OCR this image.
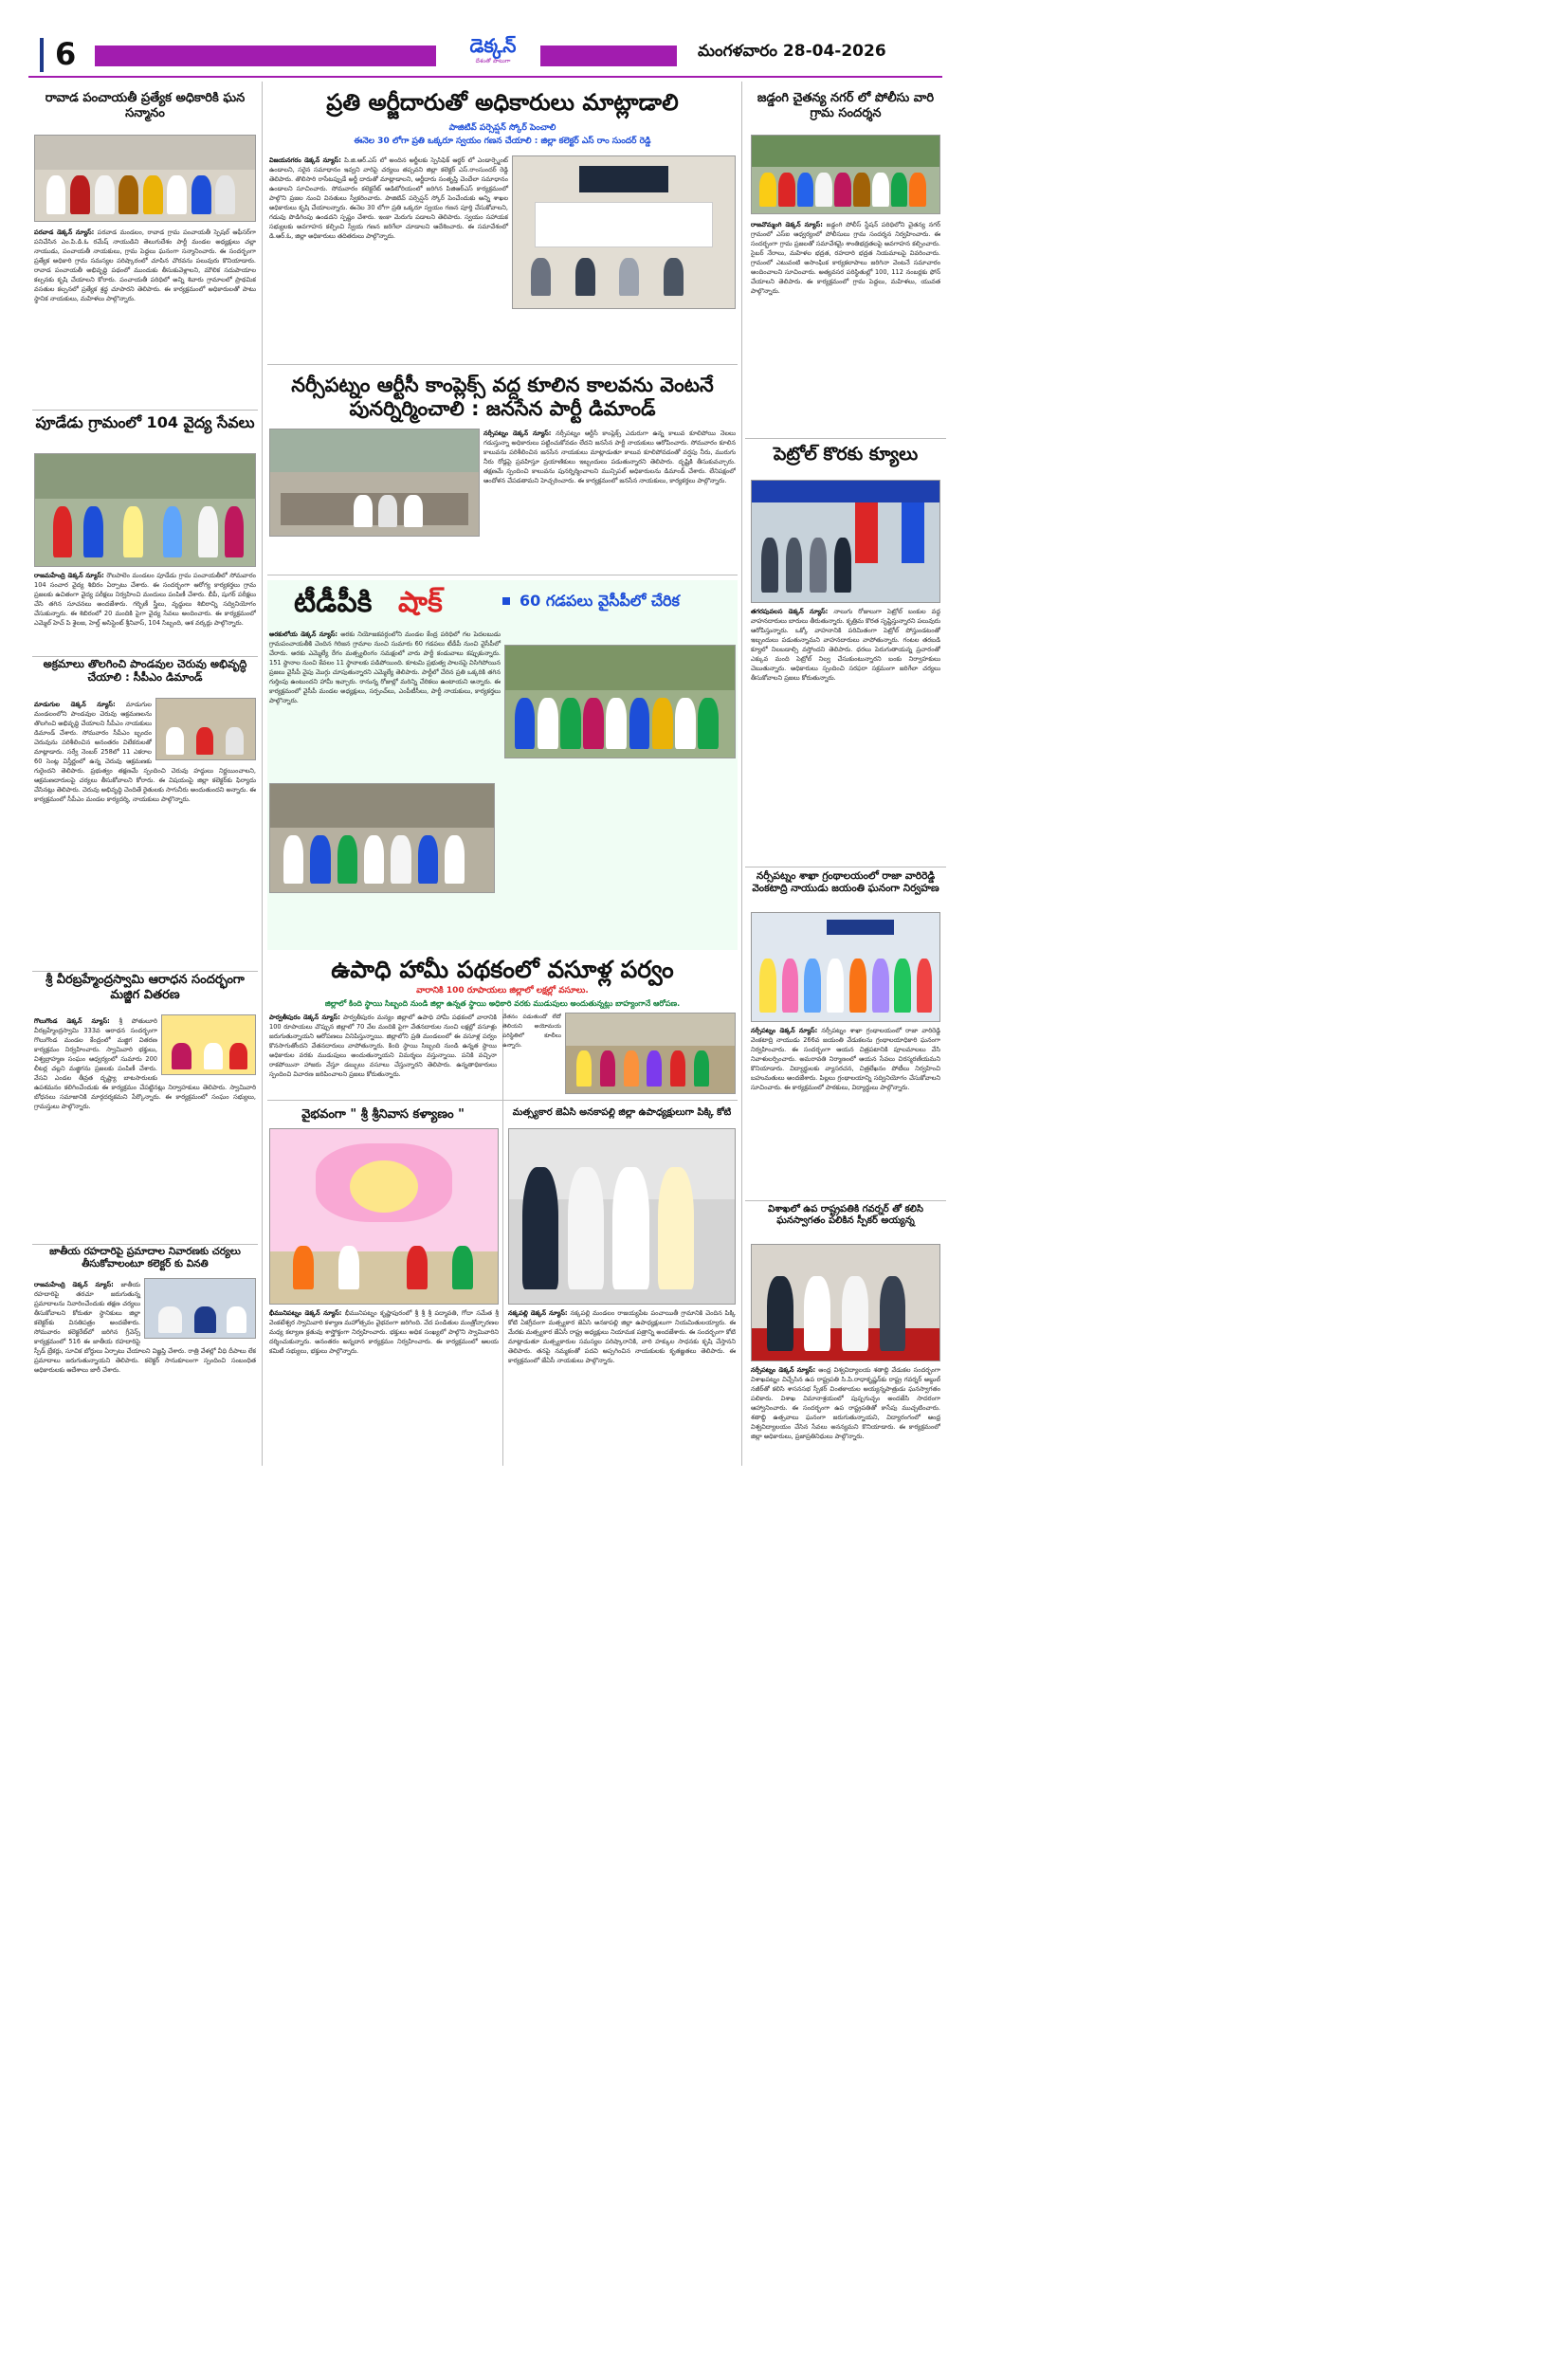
6	డెక్కన్
దేశంతో పాటుగా
మంగళవారం 28-04-2026
రావాడ పంచాయతీ ప్రత్యేక అధికారికి ఘన సన్మానం
పరవాడ డెక్కన్ న్యూస్: పరవాడ మండలం, రావాడ గ్రామ పంచాయతీ స్పెషల్ ఆఫీసర్‌గా పనిచేసిన ఎం.పి.డి.ఓ రమేష్ నాయుడిని తెలుగుదేశం పార్టీ మండల అధ్యక్షులు చల్లా నాయుడు, పంచాయతీ నాయకులు, గ్రామ పెద్దలు ఘనంగా సన్మానించారు. ఈ సందర్భంగా ప్రత్యేక అధికారి గ్రామ సమస్యల పరిష్కారంలో చూపిన చొరవను పలువురు కొనియాడారు. రావాడ పంచాయతీ అభివృద్ధి పథంలో ముందుకు తీసుకువెళ్లాలని, మౌలిక సదుపాయాల కల్పనకు కృషి చేయాలని కోరారు. పంచాయతీ పరిధిలో అన్ని శివారు గ్రామాలలో ప్రాథమిక వసతుల కల్పనలో ప్రత్యేక శ్రద్ధ చూపారని తెలిపారు. ఈ కార్యక్రమంలో అధికారులతో పాటు స్థానిక నాయకులు, మహిళలు పాల్గొన్నారు.
పూడేడు గ్రామంలో 104 వైద్య సేవలు
రాజమహేంద్రి డెక్కన్ న్యూస్: రౌలపాలెం మండలం పూడేడు గ్రామ పంచాయతీలో సోమవారం 104 సంచార వైద్య శిబిరం ఏర్పాటు చేశారు. ఈ సందర్భంగా ఆరోగ్య కార్యకర్తలు గ్రామ ప్రజలకు ఉచితంగా వైద్య పరీక్షలు నిర్వహించి మందులు పంపిణీ చేశారు. బీపీ, షుగర్ పరీక్షలు చేసి తగిన సూచనలు అందజేశారు. గర్భిణీ స్త్రీలు, వృద్ధులు శిబిరాన్ని సద్వినియోగం చేసుకున్నారు. ఈ శిబిరంలో 20 మందికి పైగా వైద్య సేవలు అందించారు. ఈ కార్యక్రమంలో ఎమ్మెల్ హెచ్ పి శైలజ, హెల్త్ అసిస్టెంట్ శ్రీనివాస్, 104 సిబ్బంది, ఆశ వర్కర్లు పాల్గొన్నారు.
అక్రమాలు తొలగించి పాండవుల చెరువు అభివృద్ధి చేయాలి : సీపీఎం డిమాండ్
మాడుగుల డెక్కన్ న్యూస్: మాడుగుల మండలంలోని పాండవుల చెరువు ఆక్రమణలను తొలగించి అభివృద్ధి చేయాలని సీపీఎం నాయకులు డిమాండ్ చేశారు. సోమవారం సీపీఎం బృందం చెరువును పరిశీలించిన అనంతరం విలేకరులతో మాట్లాడారు. సర్వే నెంబర్ 258లో 11 ఎకరాల 60 సెంట్ల విస్తీర్ణంలో ఉన్న చెరువు ఆక్రమణకు గురైందని తెలిపారు. ప్రభుత్వం తక్షణమే స్పందించి చెరువు హద్దులు నిర్ణయించాలని, ఆక్రమణదారులపై చర్యలు తీసుకోవాలని కోరారు. ఈ విషయంపై జిల్లా కలెక్టర్‌కు ఫిర్యాదు చేసినట్లు తెలిపారు. చెరువు అభివృద్ధి చెందితే రైతులకు సాగునీరు అందుతుందని అన్నారు. ఈ కార్యక్రమంలో సీపీఎం మండల కార్యదర్శి, నాయకులు పాల్గొన్నారు.
శ్రీ వీరబ్రహ్మేంద్రస్వామి ఆరాధన సందర్భంగా మజ్జిగ వితరణ
గొలుగొండ డెక్కన్ న్యూస్: శ్రీ పోతులూరి వీరబ్రహ్మేంద్రస్వామి 333వ ఆరాధన సందర్భంగా గొలుగొండ మండల కేంద్రంలో మజ్జిగ వితరణ కార్యక్రమం నిర్వహించారు. స్వామివారి భక్తులు, విశ్వబ్రాహ్మణ సంఘం ఆధ్వర్యంలో సుమారు 200 లీటర్ల చల్లని మజ్జిగను ప్రజలకు పంపిణీ చేశారు. వేసవి ఎండల తీవ్రత దృష్ట్యా బాటసారులకు ఉపశమనం కలిగించేందుకు ఈ కార్యక్రమం చేపట్టినట్లు నిర్వాహకులు తెలిపారు. స్వామివారి బోధనలు సమాజానికి మార్గదర్శకమని పేర్కొన్నారు. ఈ కార్యక్రమంలో సంఘం సభ్యులు, గ్రామస్తులు పాల్గొన్నారు.
జాతీయ రహదారిపై ప్రమాదాల నివారణకు చర్యలు తీసుకోవాలంటూ కలెక్టర్ కు వినతి
రాజమహేంద్రి డెక్కన్ న్యూస్: జాతీయ రహదారిపై తరచూ జరుగుతున్న ప్రమాదాలను నివారించేందుకు తక్షణ చర్యలు తీసుకోవాలని కోరుతూ స్థానికులు జిల్లా కలెక్టర్‌కు వినతిపత్రం అందజేశారు. సోమవారం కలెక్టరేట్‌లో జరిగిన గ్రీవెన్స్ కార్యక్రమంలో 516 ఈ జాతీయ రహదారిపై స్పీడ్ బ్రేకర్లు, సూచిక బోర్డులు ఏర్పాటు చేయాలని విజ్ఞప్తి చేశారు. రాత్రి వేళల్లో వీధి దీపాలు లేక ప్రమాదాలు జరుగుతున్నాయని తెలిపారు. కలెక్టర్ సానుకూలంగా స్పందించి సంబంధిత అధికారులకు ఆదేశాలు జారీ చేశారు.
ప్రతి అర్జీదారుతో అధికారులు మాట్లాడాలి
పాజిటివ్ పర్సెప్షన్ స్కోర్ పెంచాలి
ఈనెల 30 లోగా ప్రతి ఒక్కరూ స్వయం గణన చేయాలి : జిల్లా కలెక్టర్ ఎస్ రాం సుందర్ రెడ్డి
విజయనగరం డెక్కన్ న్యూస్: పి.జి.ఆర్.ఎస్ లో అందిన అర్జీలకు స్పెసిఫిక్ ఆర్డర్ లో ఎండార్స్మెంట్ ఉండాలని, సరైన సమాధానం ఇవ్వని వారిపై చర్యలు తప్పవని జిల్లా కలెక్టర్ ఎస్.రాంసుందర్ రెడ్డి తెలిపారు. తొలిసారి రాసేటప్పుడే అర్జీ దారుతో మాట్లాడాలని, అర్జీదారు సంతృప్తి చెందేలా సమాధానం ఉండాలని సూచించారు. సోమవారం కలెక్టరేట్ ఆడిటోరియంలో జరిగిన పిజిఆర్ఎస్ కార్యక్రమంలో పాల్గొని ప్రజల నుంచి వినతులు స్వీకరించారు. పాజిటివ్ పర్సెప్షన్ స్కోర్ పెంచేందుకు అన్ని శాఖల అధికారులు కృషి చేయాలన్నారు. ఈనెల 30 లోగా ప్రతి ఒక్కరూ స్వయం గణన పూర్తి చేసుకోవాలని, గడువు పొడిగింపు ఉండదని స్పష్టం చేశారు. ఇంకా మెరుగు పడాలని తెలిపారు. స్వయం సహాయక సభ్యులకు అవగాహన కల్పించి స్వీయ గణన జరిగేలా చూడాలని ఆదేశించారు. ఈ సమావేశంలో డి.ఆర్.ఓ, జిల్లా అధికారులు తదితరులు పాల్గొన్నారు.
నర్సీపట్నం ఆర్టీసీ కాంప్లెక్స్ వద్ద కూలిన కాలవను వెంటనే పునర్నిర్మించాలి : జనసేన పార్టీ డిమాండ్
నర్సీపట్నం డెక్కన్ న్యూస్: నర్సీపట్నం ఆర్టీసీ కాంప్లెక్స్ ఎదురుగా ఉన్న కాలువ కూలిపోయి నెలలు గడుస్తున్నా అధికారులు పట్టించుకోవడం లేదని జనసేన పార్టీ నాయకులు ఆరోపించారు. సోమవారం కూలిన కాలువను పరిశీలించిన జనసేన నాయకులు మాట్లాడుతూ కాలువ కూలిపోవడంతో వర్షపు నీరు, మురుగు నీరు రోడ్లపై ప్రవహిస్తూ ప్రయాణికులు ఇబ్బందులు పడుతున్నారని తెలిపారు. దృష్టికి తీసుకువచ్చారు. తక్షణమే స్పందించి కాలువను పునర్నిర్మించాలని మున్సిపల్ అధికారులను డిమాండ్ చేశారు. లేనిపక్షంలో ఆందోళన చేపడతామని హెచ్చరించారు. ఈ కార్యక్రమంలో జనసేన నాయకులు, కార్యకర్తలు పాల్గొన్నారు.
టీడీపీకి షాక్	60 గడపలు వైసీపీలో చేరిక
అరకులోయ డెక్కన్ న్యూస్: అరకు నియోజకవర్గంలోని మండల కేంద్ర పరిధిలో గల పెదలబుడు గ్రామపంచాయతీకి చెందిన గిరిజన గ్రామాల నుంచి సుమారు 60 గడపలు టీడీపీ నుంచి వైసీపీలో చేరారు. అరకు ఎమ్మెల్యే రేగం మత్స్యలింగం సమక్షంలో వారు పార్టీ కండువాలు కప్పుకున్నారు. 151 స్థానాల నుంచి కేవలం 11 స్థానాలకు పడిపోయింది. కూటమి ప్రభుత్వ పాలనపై విసిగిపోయిన ప్రజలు వైసీపీ వైపు మొగ్గు చూపుతున్నారని ఎమ్మెల్యే తెలిపారు. పార్టీలో చేరిన ప్రతి ఒక్కరికి తగిన గుర్తింపు ఉంటుందని హామీ ఇచ్చారు. రానున్న రోజుల్లో మరిన్ని చేరికలు ఉంటాయని అన్నారు. ఈ కార్యక్రమంలో వైసీపీ మండల అధ్యక్షులు, సర్పంచ్‌లు, ఎంపీటీసీలు, పార్టీ నాయకులు, కార్యకర్తలు పాల్గొన్నారు.
ఉపాధి హామీ పథకంలో వసూళ్ల పర్వం
వారానికి 100 రూపాయలు జిల్లాలో లక్షల్లో వసూలు.
జిల్లాలో కింది స్థాయి సిబ్బంది నుండి జిల్లా ఉన్నత స్థాయి అధికారి వరకు ముడుపులు అందుతున్నట్లు బాహ్యంగానే ఆరోపణ.
పార్వతీపురం డెక్కన్ న్యూస్: పార్వతీపురం మన్యం జిల్లాలో ఉపాధి హామీ పథకంలో వారానికి 100 రూపాయలు చొప్పున జిల్లాలో 70 వేల మందికి పైగా వేతనదారుల నుంచి లక్షల్లో వసూళ్లు జరుగుతున్నాయని ఆరోపణలు వినిపిస్తున్నాయి. జిల్లాలోని ప్రతి మండలంలో ఈ వసూళ్ల పర్వం కొనసాగుతోందని వేతనదారులు వాపోతున్నారు. కింది స్థాయి సిబ్బంది నుండి ఉన్నత స్థాయి అధికారుల వరకు ముడుపులు అందుతున్నాయని విమర్శలు వస్తున్నాయి. పనికి వచ్చినా రాకపోయినా హాజరు వేస్తూ డబ్బులు వసూలు చేస్తున్నారని తెలిపారు. ఉన్నతాధికారులు స్పందించి విచారణ జరిపించాలని ప్రజలు కోరుతున్నారు.
వేతనం పడుతుందో లేదో తెలియని అయోమయ పరిస్థితిలో కూలీలు ఉన్నారు.
వైభవంగా " శ్రీ శ్రీనివాస కళ్యాణం "
భీమునిపట్నం డెక్కన్ న్యూస్: భీమునిపట్నం కృష్ణాపురంలో శ్రీ శ్రీ శ్రీ పద్మావతి, గోదా సమేత శ్రీ వెంకటేశ్వర స్వామివారి కళ్యాణ మహోత్సవం వైభవంగా జరిగింది. వేద పండితుల మంత్రోచ్ఛారణల మధ్య కల్యాణ క్రతువు శాస్త్రోక్తంగా నిర్వహించారు. భక్తులు అధిక సంఖ్యలో పాల్గొని స్వామివారిని దర్శించుకున్నారు. అనంతరం అన్నదాన కార్యక్రమం నిర్వహించారు. ఈ కార్యక్రమంలో ఆలయ కమిటీ సభ్యులు, భక్తులు పాల్గొన్నారు.
మత్స్యకార జెఏసి అనకాపల్లి జిల్లా ఉపాధ్యక్షులుగా పిక్కి కోటి
నక్కపల్లి డెక్కన్ న్యూస్: నక్కపల్లి మండలం రాజయ్యపేట పంచాయితీ గ్రామానికి చెందిన పిక్కి కోటి ఏకగ్రీవంగా మత్స్యకార జెఏసి అనకాపల్లి జిల్లా ఉపాధ్యక్షులుగా నియమితులయ్యారు. ఈ మేరకు మత్స్యకార జేఏసీ రాష్ట్ర అధ్యక్షులు నియామక పత్రాన్ని అందజేశారు. ఈ సందర్భంగా కోటి మాట్లాడుతూ మత్స్యకారుల సమస్యల పరిష్కారానికి, వారి హక్కుల సాధనకు కృషి చేస్తానని తెలిపారు. తనపై నమ్మకంతో పదవి అప్పగించిన నాయకులకు కృతజ్ఞతలు తెలిపారు. ఈ కార్యక్రమంలో జేఏసీ నాయకులు పాల్గొన్నారు.
జడ్డంగి చైతన్య నగర్ లో పోలీసు వారి గ్రామ సందర్శన
రాజవొమ్మంగి డెక్కన్ న్యూస్: జడ్డంగి పోలీస్ స్టేషన్ పరిధిలోని చైతన్య నగర్ గ్రామంలో ఎస్ఐ ఆధ్వర్యంలో పోలీసులు గ్రామ సందర్శన నిర్వహించారు. ఈ సందర్భంగా గ్రామ ప్రజలతో సమావేశమై శాంతిభద్రతలపై అవగాహన కల్పించారు. సైబర్ నేరాలు, మహిళల భద్రత, రహదారి భద్రత నియమాలపై వివరించారు. గ్రామంలో ఎటువంటి అసాంఘిక కార్యకలాపాలు జరిగినా వెంటనే సమాచారం అందించాలని సూచించారు. అత్యవసర పరిస్థితుల్లో 100, 112 నంబర్లకు ఫోన్ చేయాలని తెలిపారు. ఈ కార్యక్రమంలో గ్రామ పెద్దలు, మహిళలు, యువత పాల్గొన్నారు.
పెట్రోల్ కొరకు క్యూలు
తగరపువలస డెక్కన్ న్యూస్: నాలుగు రోజులుగా పెట్రోల్ బంకుల వద్ద వాహనదారులు బారులు తీరుతున్నారు. కృత్రిమ కొరత సృష్టిస్తున్నారని పలువురు ఆరోపిస్తున్నారు. ఒక్కో వాహనానికి పరిమితంగా పెట్రోల్ పోస్తుండటంతో ఇబ్బందులు పడుతున్నామని వాహనదారులు వాపోతున్నారు. గంటల తరబడి క్యూలో నిలబడాల్సి వస్తోందని తెలిపారు. ధరలు పెరుగుతాయన్న ప్రచారంతో ఎక్కువ మంది పెట్రోల్ నిల్వ చేసుకుంటున్నారని బంకు నిర్వాహకులు చెబుతున్నారు. అధికారులు స్పందించి సరఫరా సక్రమంగా జరిగేలా చర్యలు తీసుకోవాలని ప్రజలు కోరుతున్నారు.
నర్సీపట్నం శాఖా గ్రంథాలయంలో రాజా వారిరెడ్డి వెంకటాద్రి నాయుడు జయంతి ఘనంగా నిర్వహణ
నర్సీపట్నం డెక్కన్ న్యూస్: నర్సీపట్నం శాఖా గ్రంథాలయంలో రాజా వారిరెడ్డి వెంకటాద్రి నాయుడు 266వ జయంతి వేడుకలను గ్రంథాలయాధికారి ఘనంగా నిర్వహించారు. ఈ సందర్భంగా ఆయన చిత్రపటానికి పూలమాలలు వేసి నివాళులర్పించారు. అమరావతి నిర్మాణంలో ఆయన సేవలు చిరస్మరణీయమని కొనియాడారు. విద్యార్థులకు వ్యాసరచన, చిత్రలేఖనం పోటీలు నిర్వహించి బహుమతులు అందజేశారు. పిల్లలు గ్రంథాలయాన్ని సద్వినియోగం చేసుకోవాలని సూచించారు. ఈ కార్యక్రమంలో పాఠకులు, విద్యార్థులు పాల్గొన్నారు.
విశాఖలో ఉప రాష్ట్రపతికి గవర్నర్ తో కలిసి ఘనస్వాగతం పలికిన స్పీకర్ అయ్యన్న
నర్సీపట్నం డెక్కన్ న్యూస్: ఆంధ్ర విశ్వవిద్యాలయ శతాబ్ది వేడుకల సందర్భంగా విశాఖపట్నం విచ్చేసిన ఉప రాష్ట్రపతి సి.పి.రాధాకృష్ణన్‌కు రాష్ట్ర గవర్నర్ అబ్దుల్ నజీర్‌తో కలిసి శాసనసభ స్పీకర్ చింతకాయల అయ్యన్నపాత్రుడు ఘనస్వాగతం పలికారు. విశాఖ విమానాశ్రయంలో పుష్పగుచ్ఛం అందజేసి సాదరంగా ఆహ్వానించారు. ఈ సందర్భంగా ఉప రాష్ట్రపతితో కాసేపు ముచ్చటించారు. శతాబ్ది ఉత్సవాలు ఘనంగా జరుగుతున్నాయని, విద్యారంగంలో ఆంధ్ర విశ్వవిద్యాలయం చేసిన సేవలు అనన్యమని కొనియాడారు. ఈ కార్యక్రమంలో జిల్లా అధికారులు, ప్రజాప్రతినిధులు పాల్గొన్నారు.
